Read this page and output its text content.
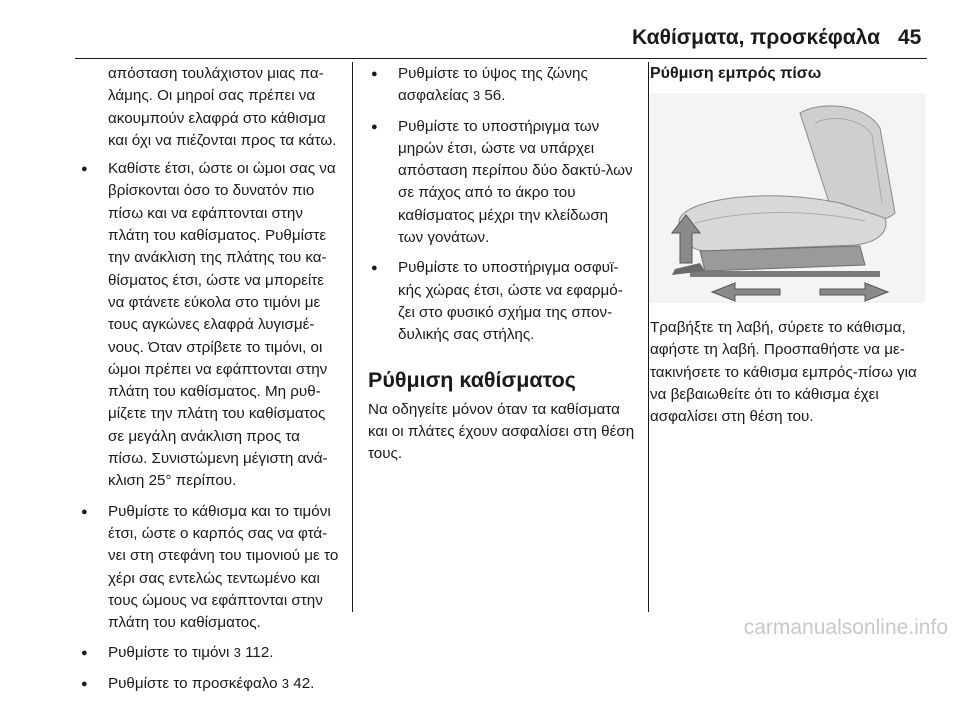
Καθίσματα, προσκέφαλα 45

απόσταση τουλάχιστον μιας πα-λάμης. Οι μηροί σας πρέπει να ακουμπούν ελαφρά στο κάθισμα και όχι να πιέζονται προς τα κάτω.

● Καθίστε έτσι, ώστε οι ώμοι σας να βρίσκονται όσο το δυνατόν πιο πίσω και να εφάπτονται στην πλάτη του καθίσματος. Ρυθμίστε την ανάκλιση της πλάτης του κα-θίσματος έτσι, ώστε να μπορείτε να φτάνετε εύκολα στο τιμόνι με τους αγκώνες ελαφρά λυγισμέ-νους. Όταν στρίβετε το τιμόνι, οι ώμοι πρέπει να εφάπτονται στην πλάτη του καθίσματος. Μη ρυθ-μίζετε την πλάτη του καθίσματος σε μεγάλη ανάκλιση προς τα πίσω. Συνιστώμενη μέγιστη ανά-κλιση 25° περίπου.

● Ρυθμίστε το κάθισμα και το τιμόνι έτσι, ώστε ο καρπός σας να φτά-νει στη στεφάνη του τιμονιού με το χέρι σας εντελώς τεντωμένο και τους ώμους να εφάπτονται στην πλάτη του καθίσματος.

● Ρυθμίστε το τιμόνι 3 112.

● Ρυθμίστε το προσκέφαλο 3 42.

● Ρυθμίστε το ύψος της ζώνης ασφαλείας 3 56.

● Ρυθμίστε το υποστήριγμα των μηρών έτσι, ώστε να υπάρχει απόσταση περίπου δύο δακτύ-λων σε πάχος από το άκρο του καθίσματος μέχρι την κλείδωση των γονάτων.

● Ρυθμίστε το υποστήριγμα οσφυϊ-κής χώρας έτσι, ώστε να εφαρμό-ζει στο φυσικό σχήμα της σπον-δυλικής σας στήλης.

Ρύθμιση καθίσματος

Να οδηγείτε μόνον όταν τα καθίσματα και οι πλάτες έχουν ασφαλίσει στη θέση τους.

Ρύθμιση εμπρός πίσω

Τραβήξτε τη λαβή, σύρετε το κάθισμα, αφήστε τη λαβή. Προσπαθήστε να με-τακινήσετε το κάθισμα εμπρός-πίσω για να βεβαιωθείτε ότι το κάθισμα έχει ασφαλίσει στη θέση του.

carmanualsonline.info
